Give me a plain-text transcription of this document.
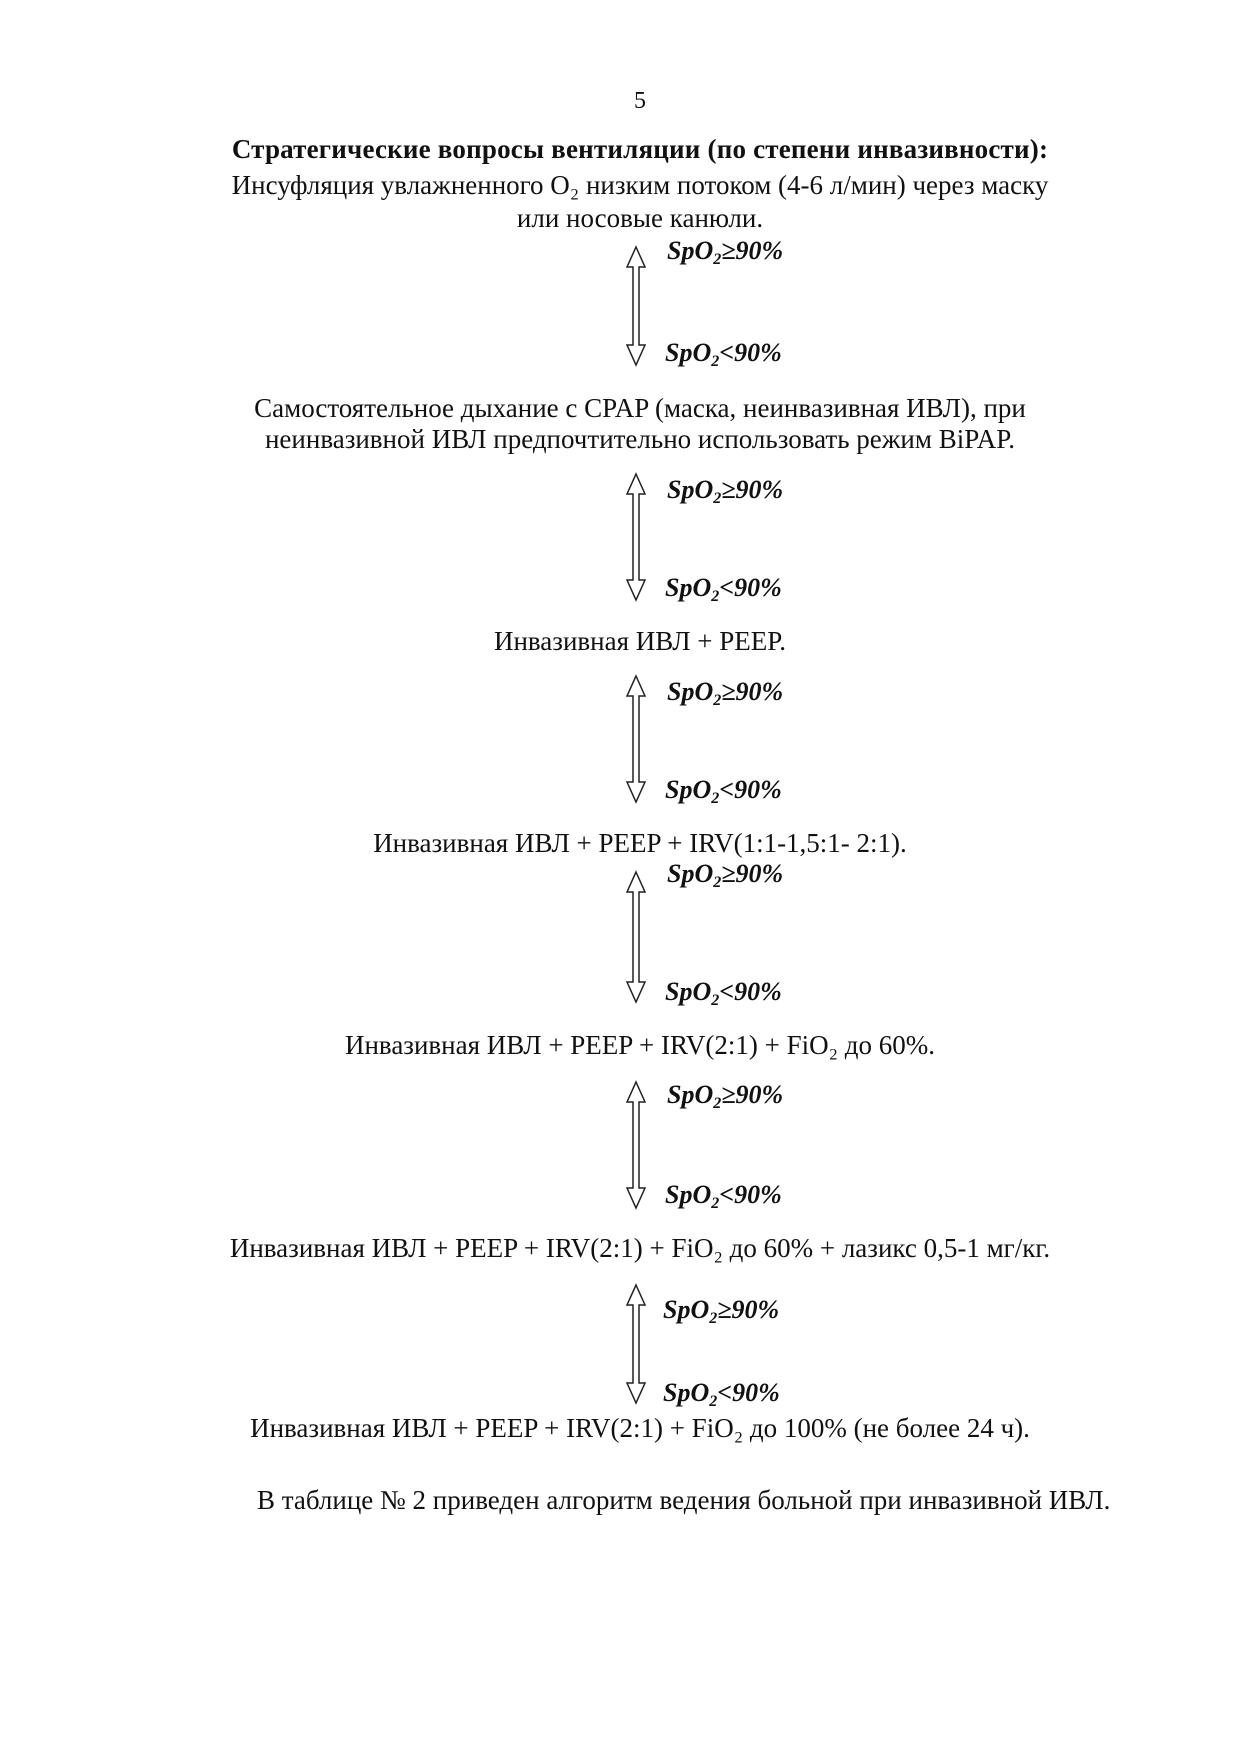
5
Стратегические вопросы вентиляции (по степени инвазивности):
Инсуфляция увлажненного O₂ низким потоком (4-6 л/мин) через маску
или носовые канюли.
SpO$_2$≥90%
SpO$_2$<90%
Самостоятельное дыхание с CPAP (маска, неинвазивная ИВЛ), при
неинвазивной ИВЛ предпочтительно использовать режим BiPAP.
SpO$_2$≥90%
SpO$_2$<90%
Инвазивная ИВЛ + PEEP.
SpO$_2$≥90%
SpO$_2$<90%
Инвазивная ИВЛ + PEEP + IRV(1:1-1,5:1- 2:1).
SpO$_2$≥90%
SpO$_2$<90%
Инвазивная ИВЛ + PEEP + IRV(2:1) + FiO₂ до 60%.
SpO$_2$≥90%
SpO$_2$<90%
Инвазивная ИВЛ + PEEP + IRV(2:1) + FiO₂ до 60% + лазикс 0,5-1 мг/кг.
SpO$_2$≥90%
SpO$_2$<90%
Инвазивная ИВЛ + PEEP + IRV(2:1) + FiO₂ до 100% (не более 24 ч).
В таблице № 2 приведен алгоритм ведения больной при инвазивной ИВЛ.
